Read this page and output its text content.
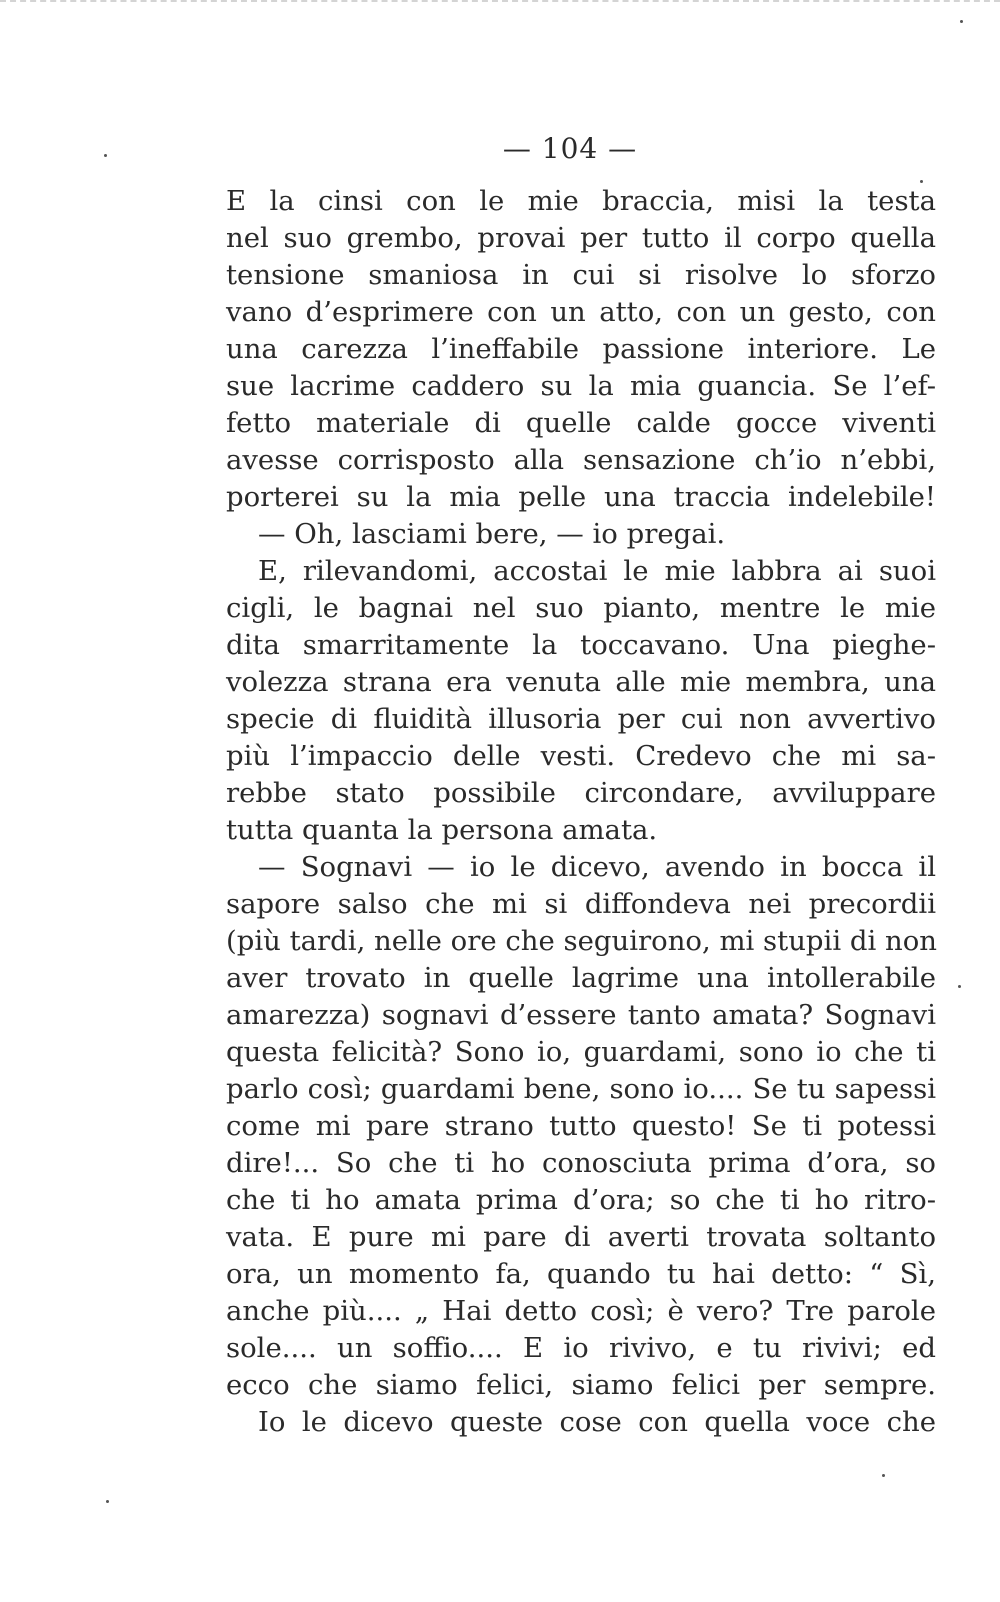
— 104 —
E la cinsi con le mie braccia, misi la testa
nel suo grembo, provai per tutto il corpo quella
tensione smaniosa in cui si risolve lo sforzo
vano d’esprimere con un atto, con un gesto, con
una carezza l’ineffabile passione interiore. Le
sue lacrime caddero su la mia guancia. Se l’ef-
fetto materiale di quelle calde gocce viventi
avesse corrisposto alla sensazione ch’io n’ebbi,
porterei su la mia pelle una traccia indelebile!
— Oh, lasciami bere, — io pregai.
E, rilevandomi, accostai le mie labbra ai suoi
cigli, le bagnai nel suo pianto, mentre le mie
dita smarritamente la toccavano. Una pieghe-
volezza strana era venuta alle mie membra, una
specie di fluidità illusoria per cui non avvertivo
più l’impaccio delle vesti. Credevo che mi sa-
rebbe stato possibile circondare, avviluppare
tutta quanta la persona amata.
— Sognavi — io le dicevo, avendo in bocca il
sapore salso che mi si diffondeva nei precordii
(più tardi, nelle ore che seguirono, mi stupii di non
aver trovato in quelle lagrime una intollerabile
amarezza) sognavi d’essere tanto amata? Sognavi
questa felicità? Sono io, guardami, sono io che ti
parlo così; guardami bene, sono io.... Se tu sapessi
come mi pare strano tutto questo! Se ti potessi
dire!... So che ti ho conosciuta prima d’ora, so
che ti ho amata prima d’ora; so che ti ho ritro-
vata. E pure mi pare di averti trovata soltanto
ora, un momento fa, quando tu hai detto: “ Sì,
anche più.... „ Hai detto così; è vero? Tre parole
sole.... un soffio.... E io rivivo, e tu rivivi; ed
ecco che siamo felici, siamo felici per sempre.
Io le dicevo queste cose con quella voce che
